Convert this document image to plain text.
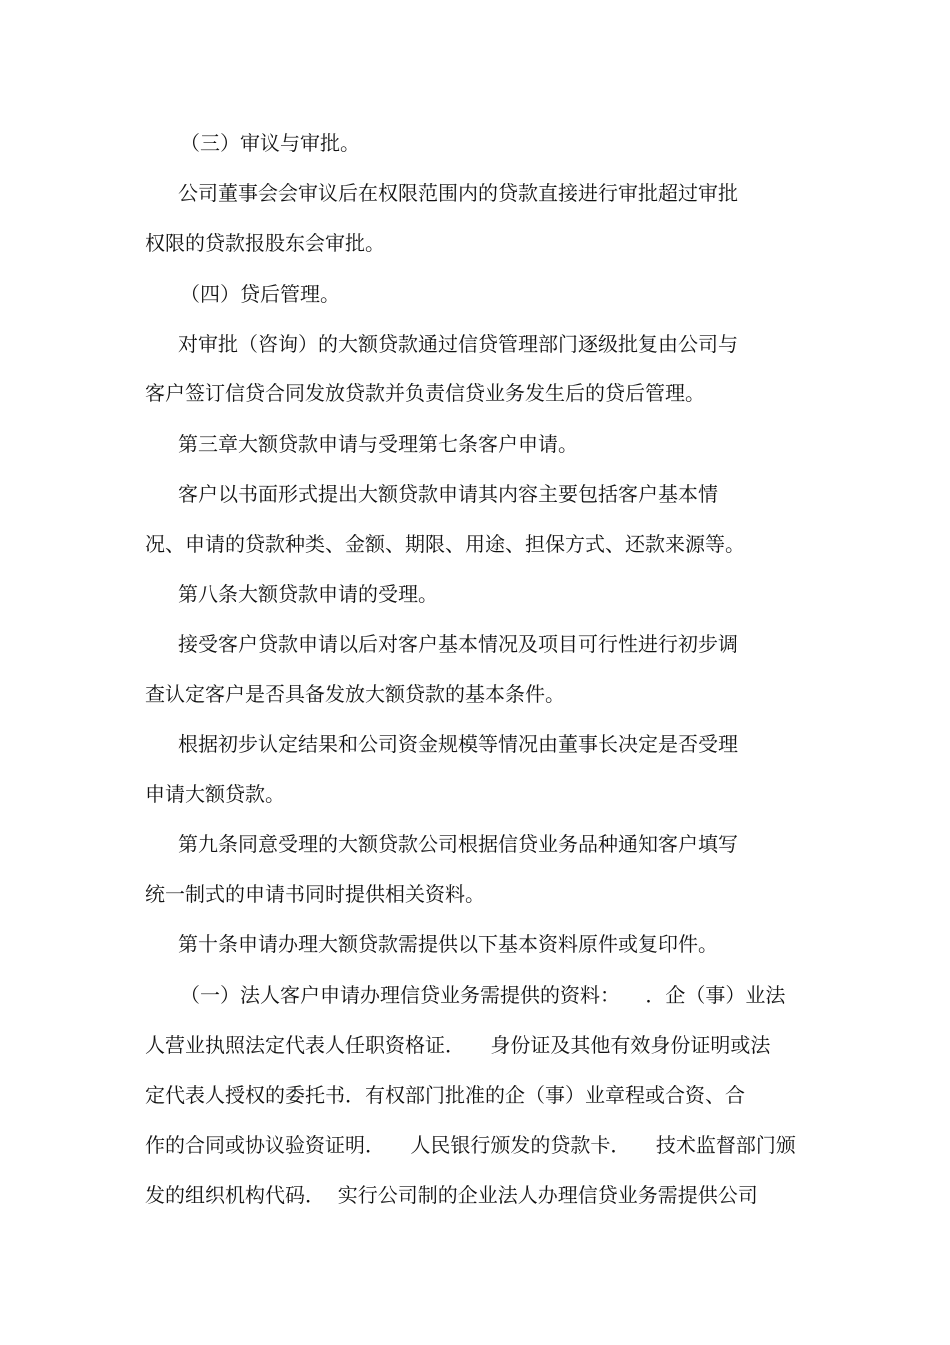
（三）审议与审批。
公司董事会会审议后在权限范围内的贷款直接进行审批超过审批
权限的贷款报股东会审批。
（四）贷后管理。
对审批（咨询）的大额贷款通过信贷管理部门逐级批复由公司与
客户签订信贷合同发放贷款并负责信贷业务发生后的贷后管理。
第三章大额贷款申请与受理第七条客户申请。
客户以书面形式提出大额贷款申请其内容主要包括客户基本情
况、申请的贷款种类、金额、期限、用途、担保方式、还款来源等。
第八条大额贷款申请的受理。
接受客户贷款申请以后对客户基本情况及项目可行性进行初步调
查认定客户是否具备发放大额贷款的基本条件。
根据初步认定结果和公司资金规模等情况由董事长决定是否受理
申请大额贷款。
第九条同意受理的大额贷款公司根据信贷业务品种通知客户填写
统一制式的申请书同时提供相关资料。
第十条申请办理大额贷款需提供以下基本资料原件或复印件。
（一）法人客户申请办理信贷业务需提供的资料：    ．企（事）业法
人营业执照法定代表人任职资格证．    身份证及其他有效身份证明或法
定代表人授权的委托书．有权部门批准的企（事）业章程或合资、合
作的合同或协议验资证明．    人民银行颁发的贷款卡．    技术监督部门颁
发的组织机构代码．  实行公司制的企业法人办理信贷业务需提供公司
